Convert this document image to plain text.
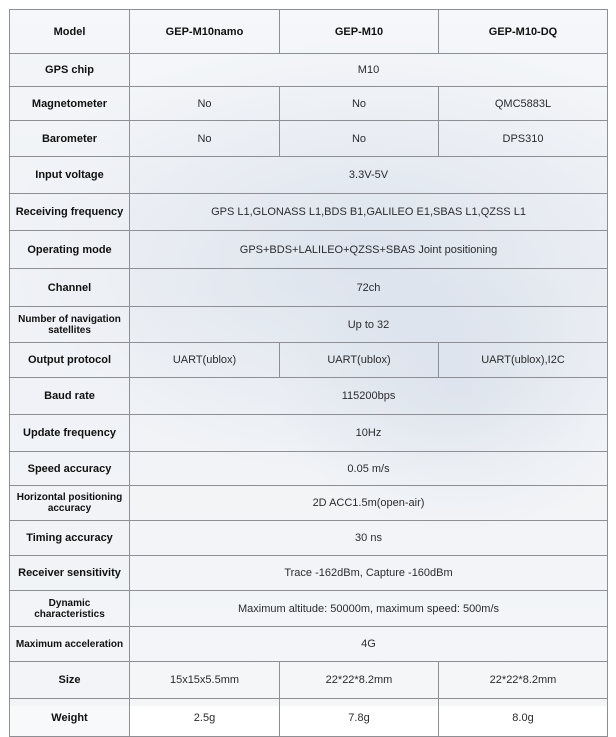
Model	GEP-M10namo	GEP-M10	GEP-M10-DQ
GPS chip	M10		
Magnetometer	No	No	QMC5883L
Barometer	No	No	DPS310
Input voltage	3.3V-5V		
Receiving frequency	GPS L1,GLONASS L1,BDS B1,GALILEO E1,SBAS L1,QZSS L1		
Operating mode	GPS+BDS+LALILEO+QZSS+SBAS Joint positioning		
Channel	72ch		
Number of navigation satellites	Up to 32		
Output protocol	UART(ublox)	UART(ublox)	UART(ublox),I2C
Baud rate	115200bps		
Update frequency	10Hz		
Speed accuracy	0.05 m/s		
Horizontal positioning accuracy	2D ACC1.5m(open-air)		
Timing accuracy	30 ns		
Receiver sensitivity	Trace -162dBm, Capture -160dBm		
Dynamic characteristics	Maximum altitude: 50000m, maximum speed: 500m/s		
Maximum acceleration	4G		
Size	15x15x5.5mm	22*22*8.2mm	22*22*8.2mm
Weight	2.5g	7.8g	8.0g
